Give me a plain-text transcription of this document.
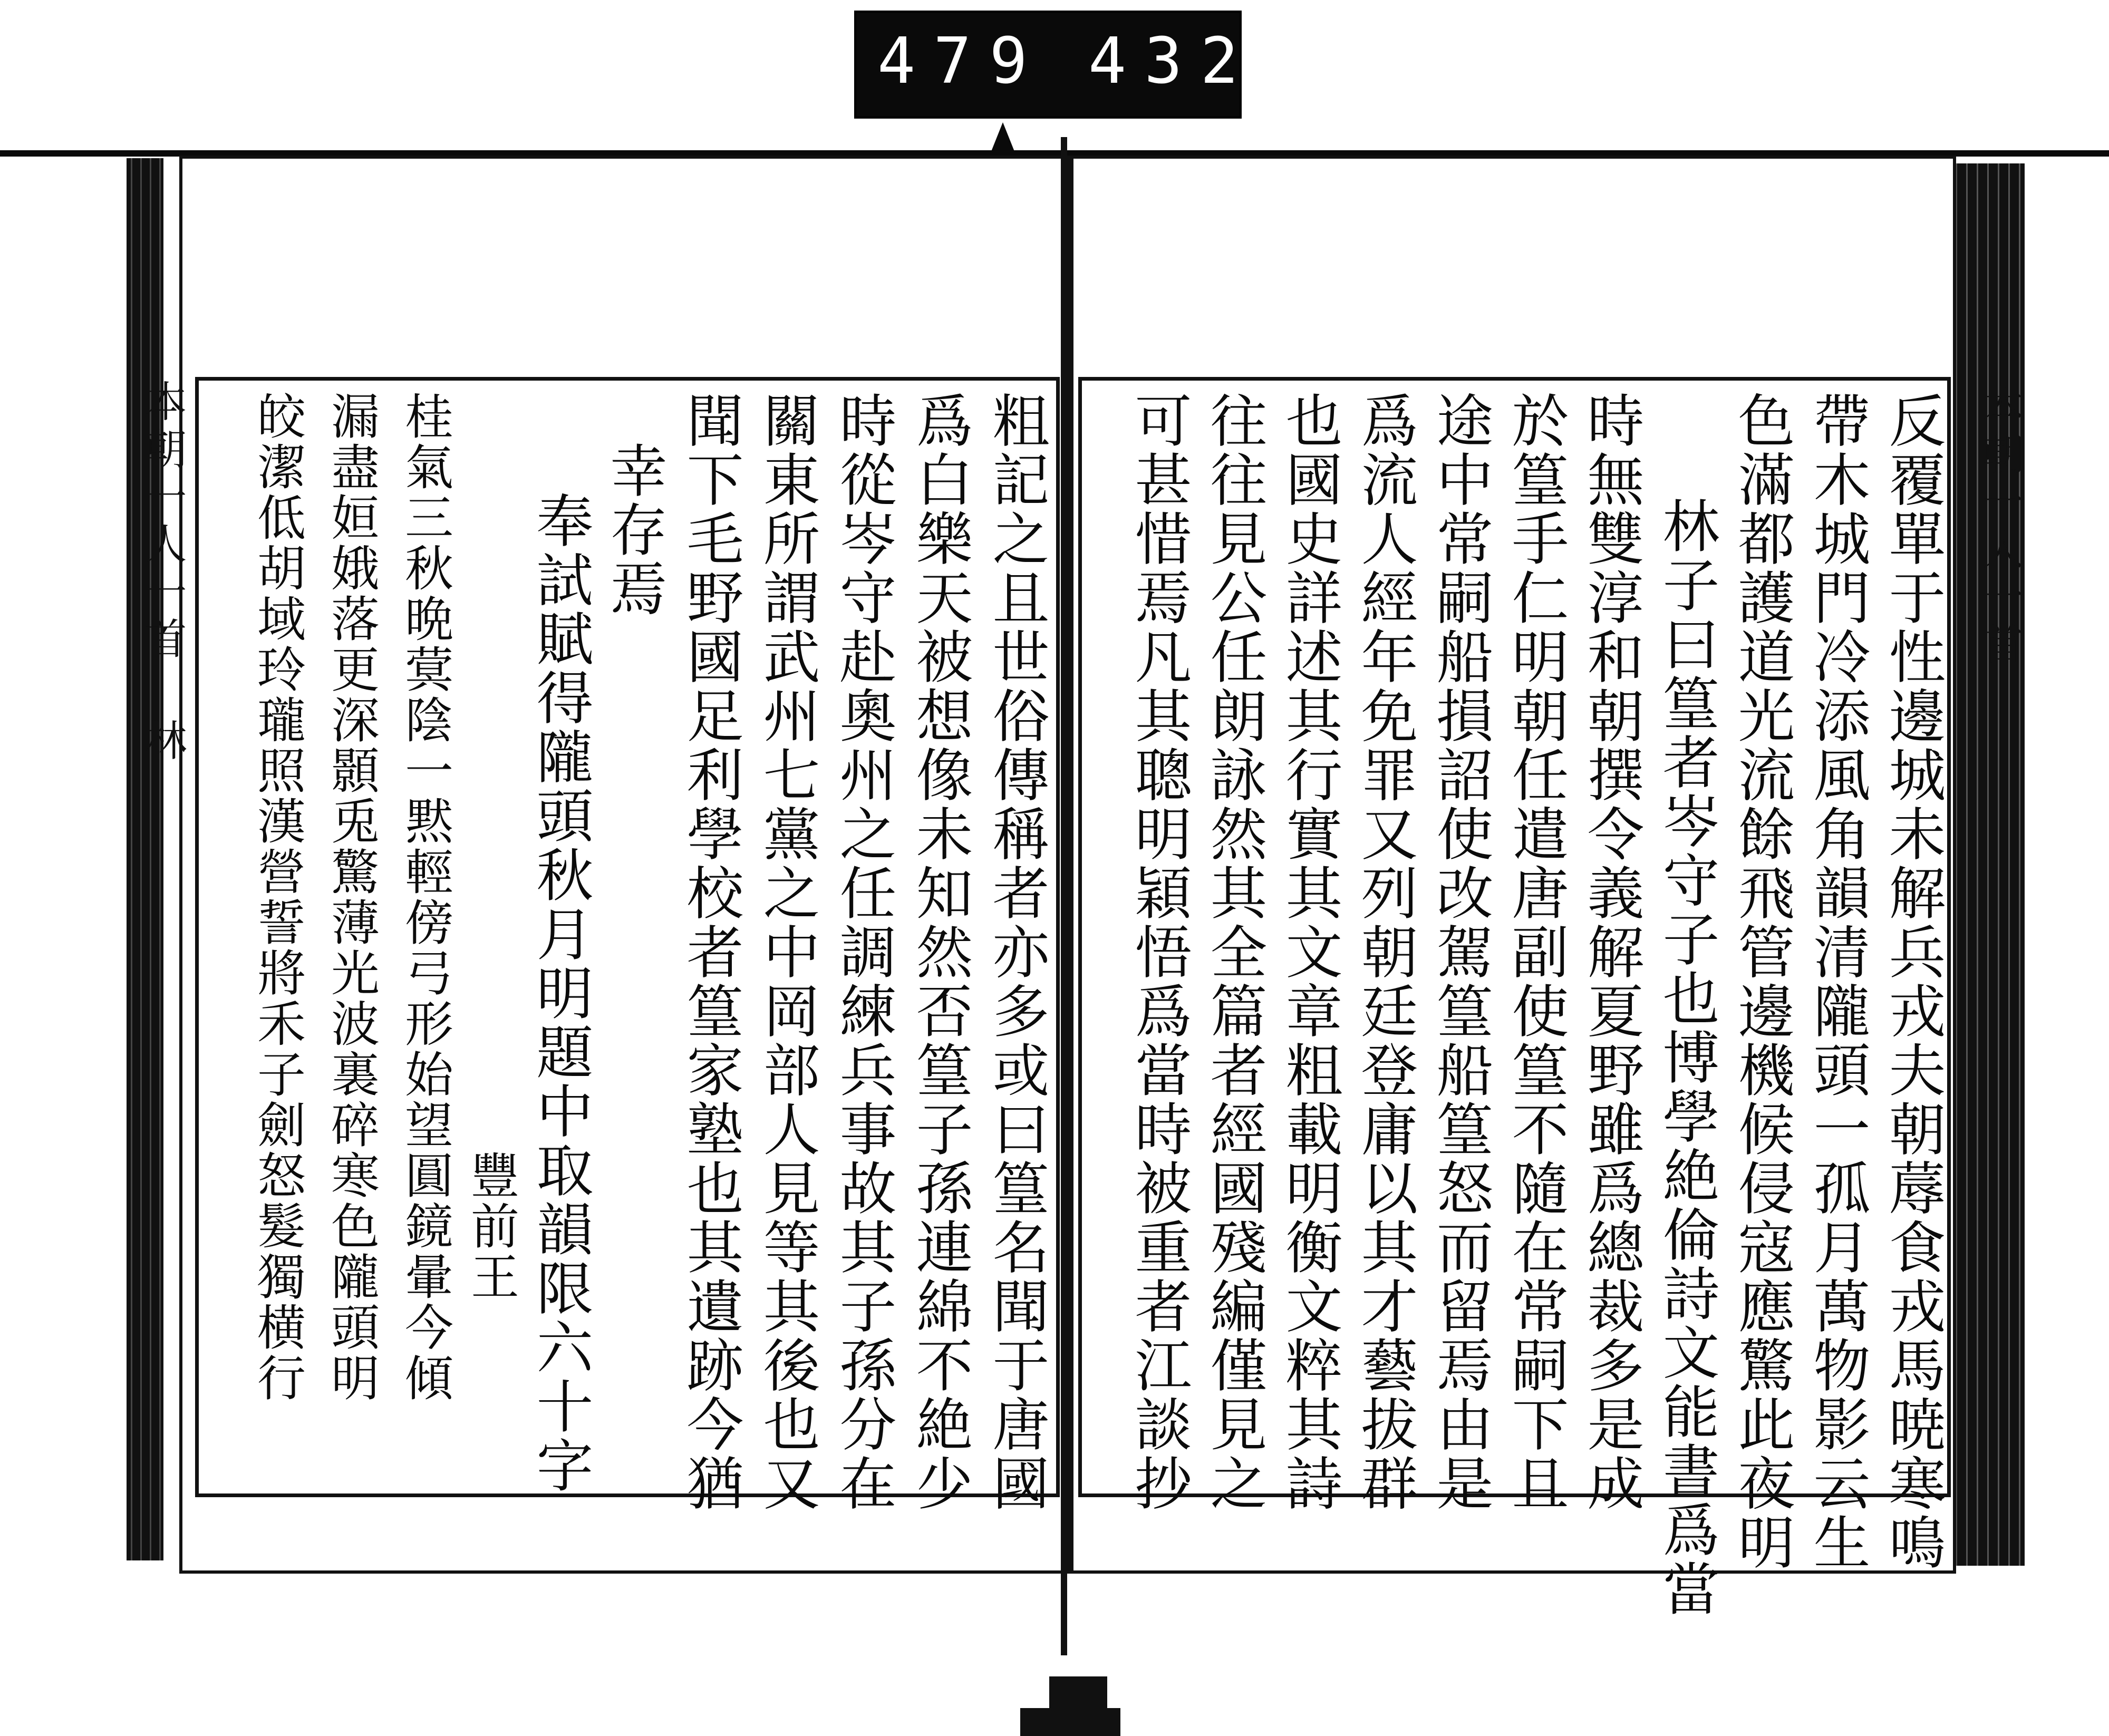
479 432.
本朝一人一首 林	本朝一人一首
反覆單于性邊城未解兵戎夫朝蓐食戎馬暁寒鳴
帶木城門冷添風角韻清隴頭一孤月萬物影云生
色滿都護道光流餘飛管邊機候侵寇應驚此夜明
林子曰篁者岑守子也博學絶倫詩文能書爲當
時無雙淳和朝撰令義解夏野雖爲總裁多是成
於篁手仁明朝任遣唐副使篁不隨在常嗣下且
途中常嗣船損詔使改駕篁船篁怒而留焉由是
爲流人經年免罪又列朝廷登庸以其才藝拔群
也國史詳述其行實其文章粗載明衡文粹其詩
往往見公任朗詠然其全篇者經國殘編僅見之
可甚惜焉凡其聰明穎悟爲當時被重者江談抄
粗記之且世俗傳稱者亦多或曰篁名聞于唐國
爲白樂天被想像未知然否篁子孫連綿不絶少
時從岑守赴奧州之任調練兵事故其子孫分在
關東所謂武州七黨之中岡部人見等其後也又
聞下毛野國足利學校者篁家塾也其遺跡今猶
幸存焉
奉試賦得隴頭秋月明題中取韻限六十字
豐前王
桂氣三秋晩蓂陰一黙輕傍弓形始望圓鏡暈今傾
漏盡姮娥落更深顥兎驚薄光波裏碎寒色隴頭明
皎潔低胡域玲瓏照漢營誓將禾子劍怒髮獨横行
